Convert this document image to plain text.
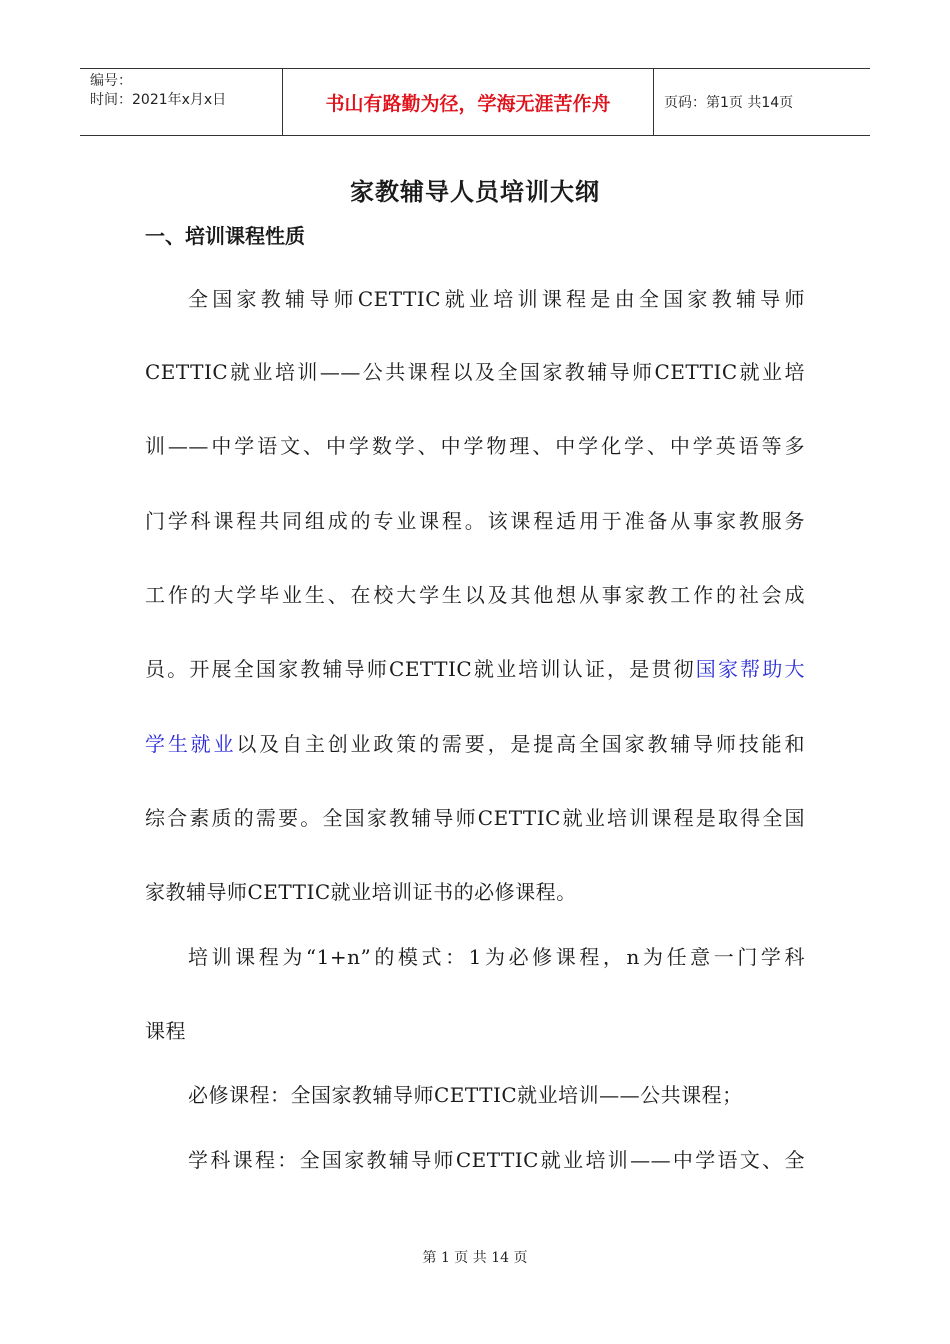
编号：
时间：2021年x月x日	书山有路勤为径，学海无涯苦作舟	页码：第1页 共14页
家教辅导人员培训大纲
一、培训课程性质
全国家教辅导师CETTIC就业培训课程是由全国家教辅导师
CETTIC就业培训——公共课程以及全国家教辅导师CETTIC就业培
训——中学语文、中学数学、中学物理、中学化学、中学英语等多
门学科课程共同组成的专业课程。该课程适用于准备从事家教服务
工作的大学毕业生、在校大学生以及其他想从事家教工作的社会成
员。开展全国家教辅导师CETTIC就业培训认证，是贯彻国家帮助大
学生就业以及自主创业政策的需要，是提高全国家教辅导师技能和
综合素质的需要。全国家教辅导师CETTIC就业培训课程是取得全国
家教辅导师CETTIC就业培训证书的必修课程。
培训课程为“1+n”的模式：1为必修课程，n为任意一门学科
课程
必修课程：全国家教辅导师CETTIC就业培训——公共课程；
学科课程：全国家教辅导师CETTIC就业培训——中学语文、全
第 1 页 共 14 页
